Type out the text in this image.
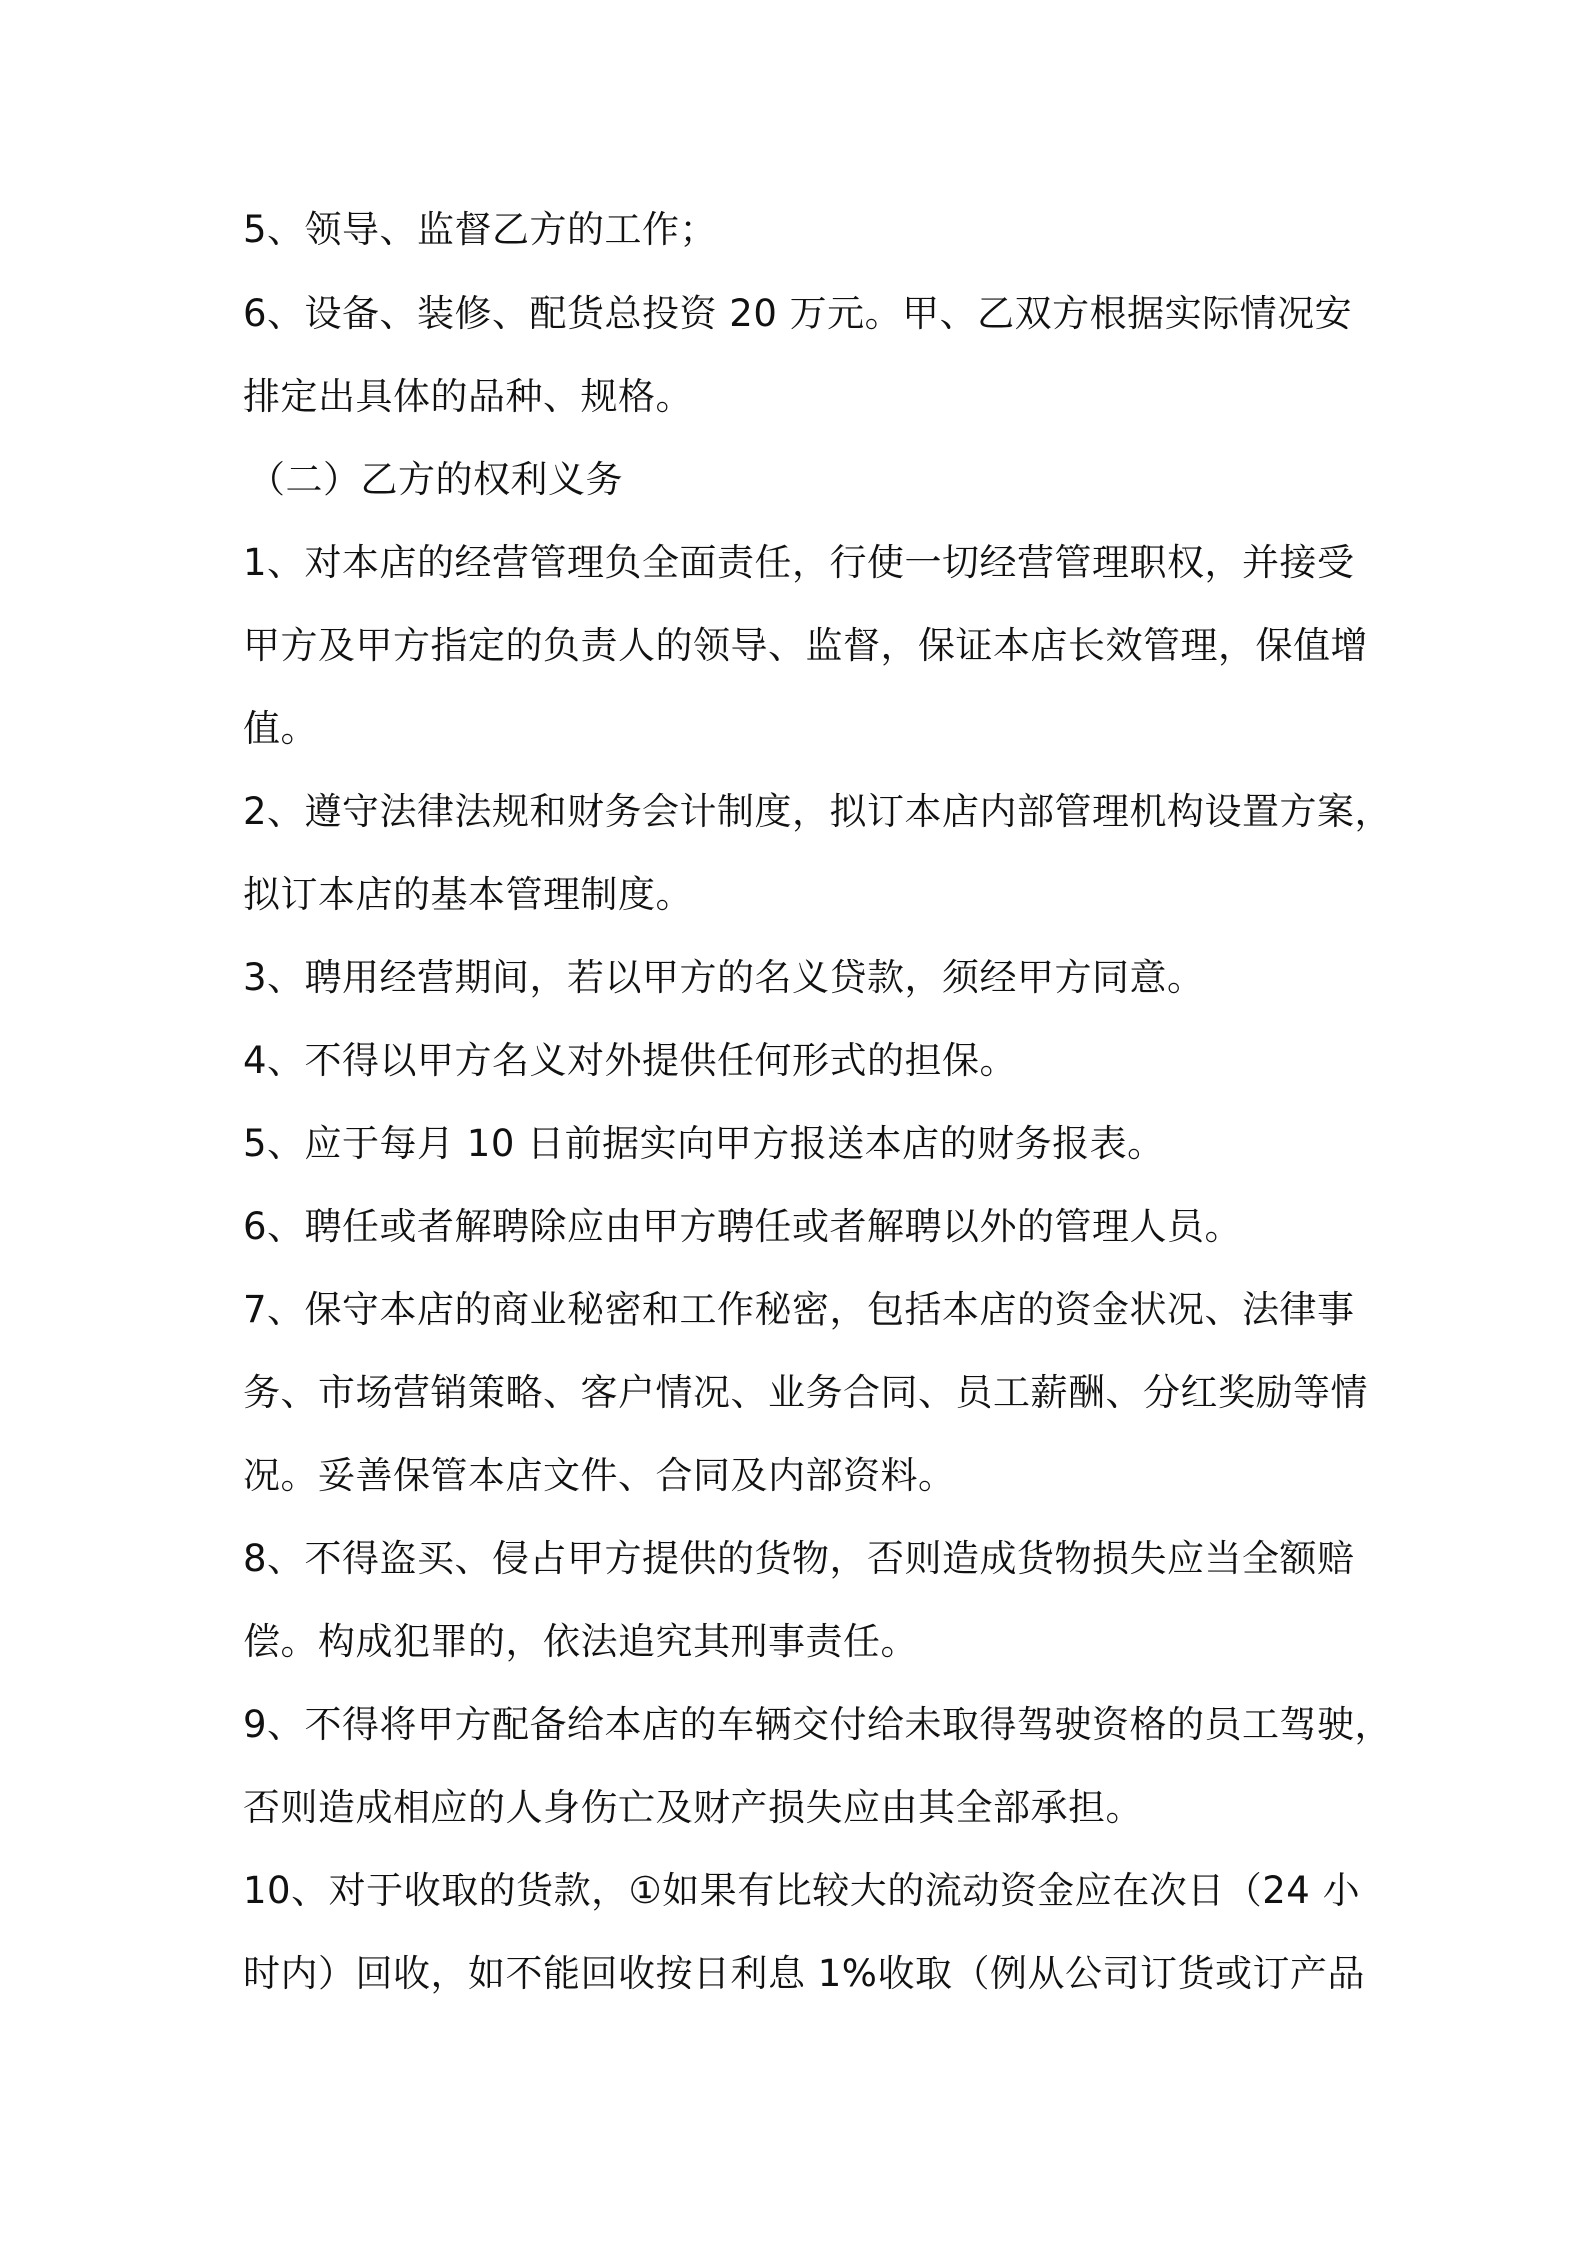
5、领导、监督乙方的工作；
6、设备、装修、配货总投资 20 万元。甲、乙双方根据实际情况安
排定出具体的品种、规格。
（二）乙方的权利义务
1、对本店的经营管理负全面责任，行使一切经营管理职权，并接受
甲方及甲方指定的负责人的领导、监督，保证本店长效管理，保值增
值。
2、遵守法律法规和财务会计制度，拟订本店内部管理机构设置方案，
拟订本店的基本管理制度。
3、聘用经营期间，若以甲方的名义贷款，须经甲方同意。
4、不得以甲方名义对外提供任何形式的担保。
5、应于每月 10 日前据实向甲方报送本店的财务报表。
6、聘任或者解聘除应由甲方聘任或者解聘以外的管理人员。
7、保守本店的商业秘密和工作秘密，包括本店的资金状况、法律事
务、市场营销策略、客户情况、业务合同、员工薪酬、分红奖励等情
况。妥善保管本店文件、合同及内部资料。
8、不得盗买、侵占甲方提供的货物，否则造成货物损失应当全额赔
偿。构成犯罪的，依法追究其刑事责任。
9、不得将甲方配备给本店的车辆交付给未取得驾驶资格的员工驾驶，
否则造成相应的人身伤亡及财产损失应由其全部承担。
10、对于收取的货款，①如果有比较大的流动资金应在次日（24 小
时内）回收，如不能回收按日利息 1%收取（例从公司订货或订产品
